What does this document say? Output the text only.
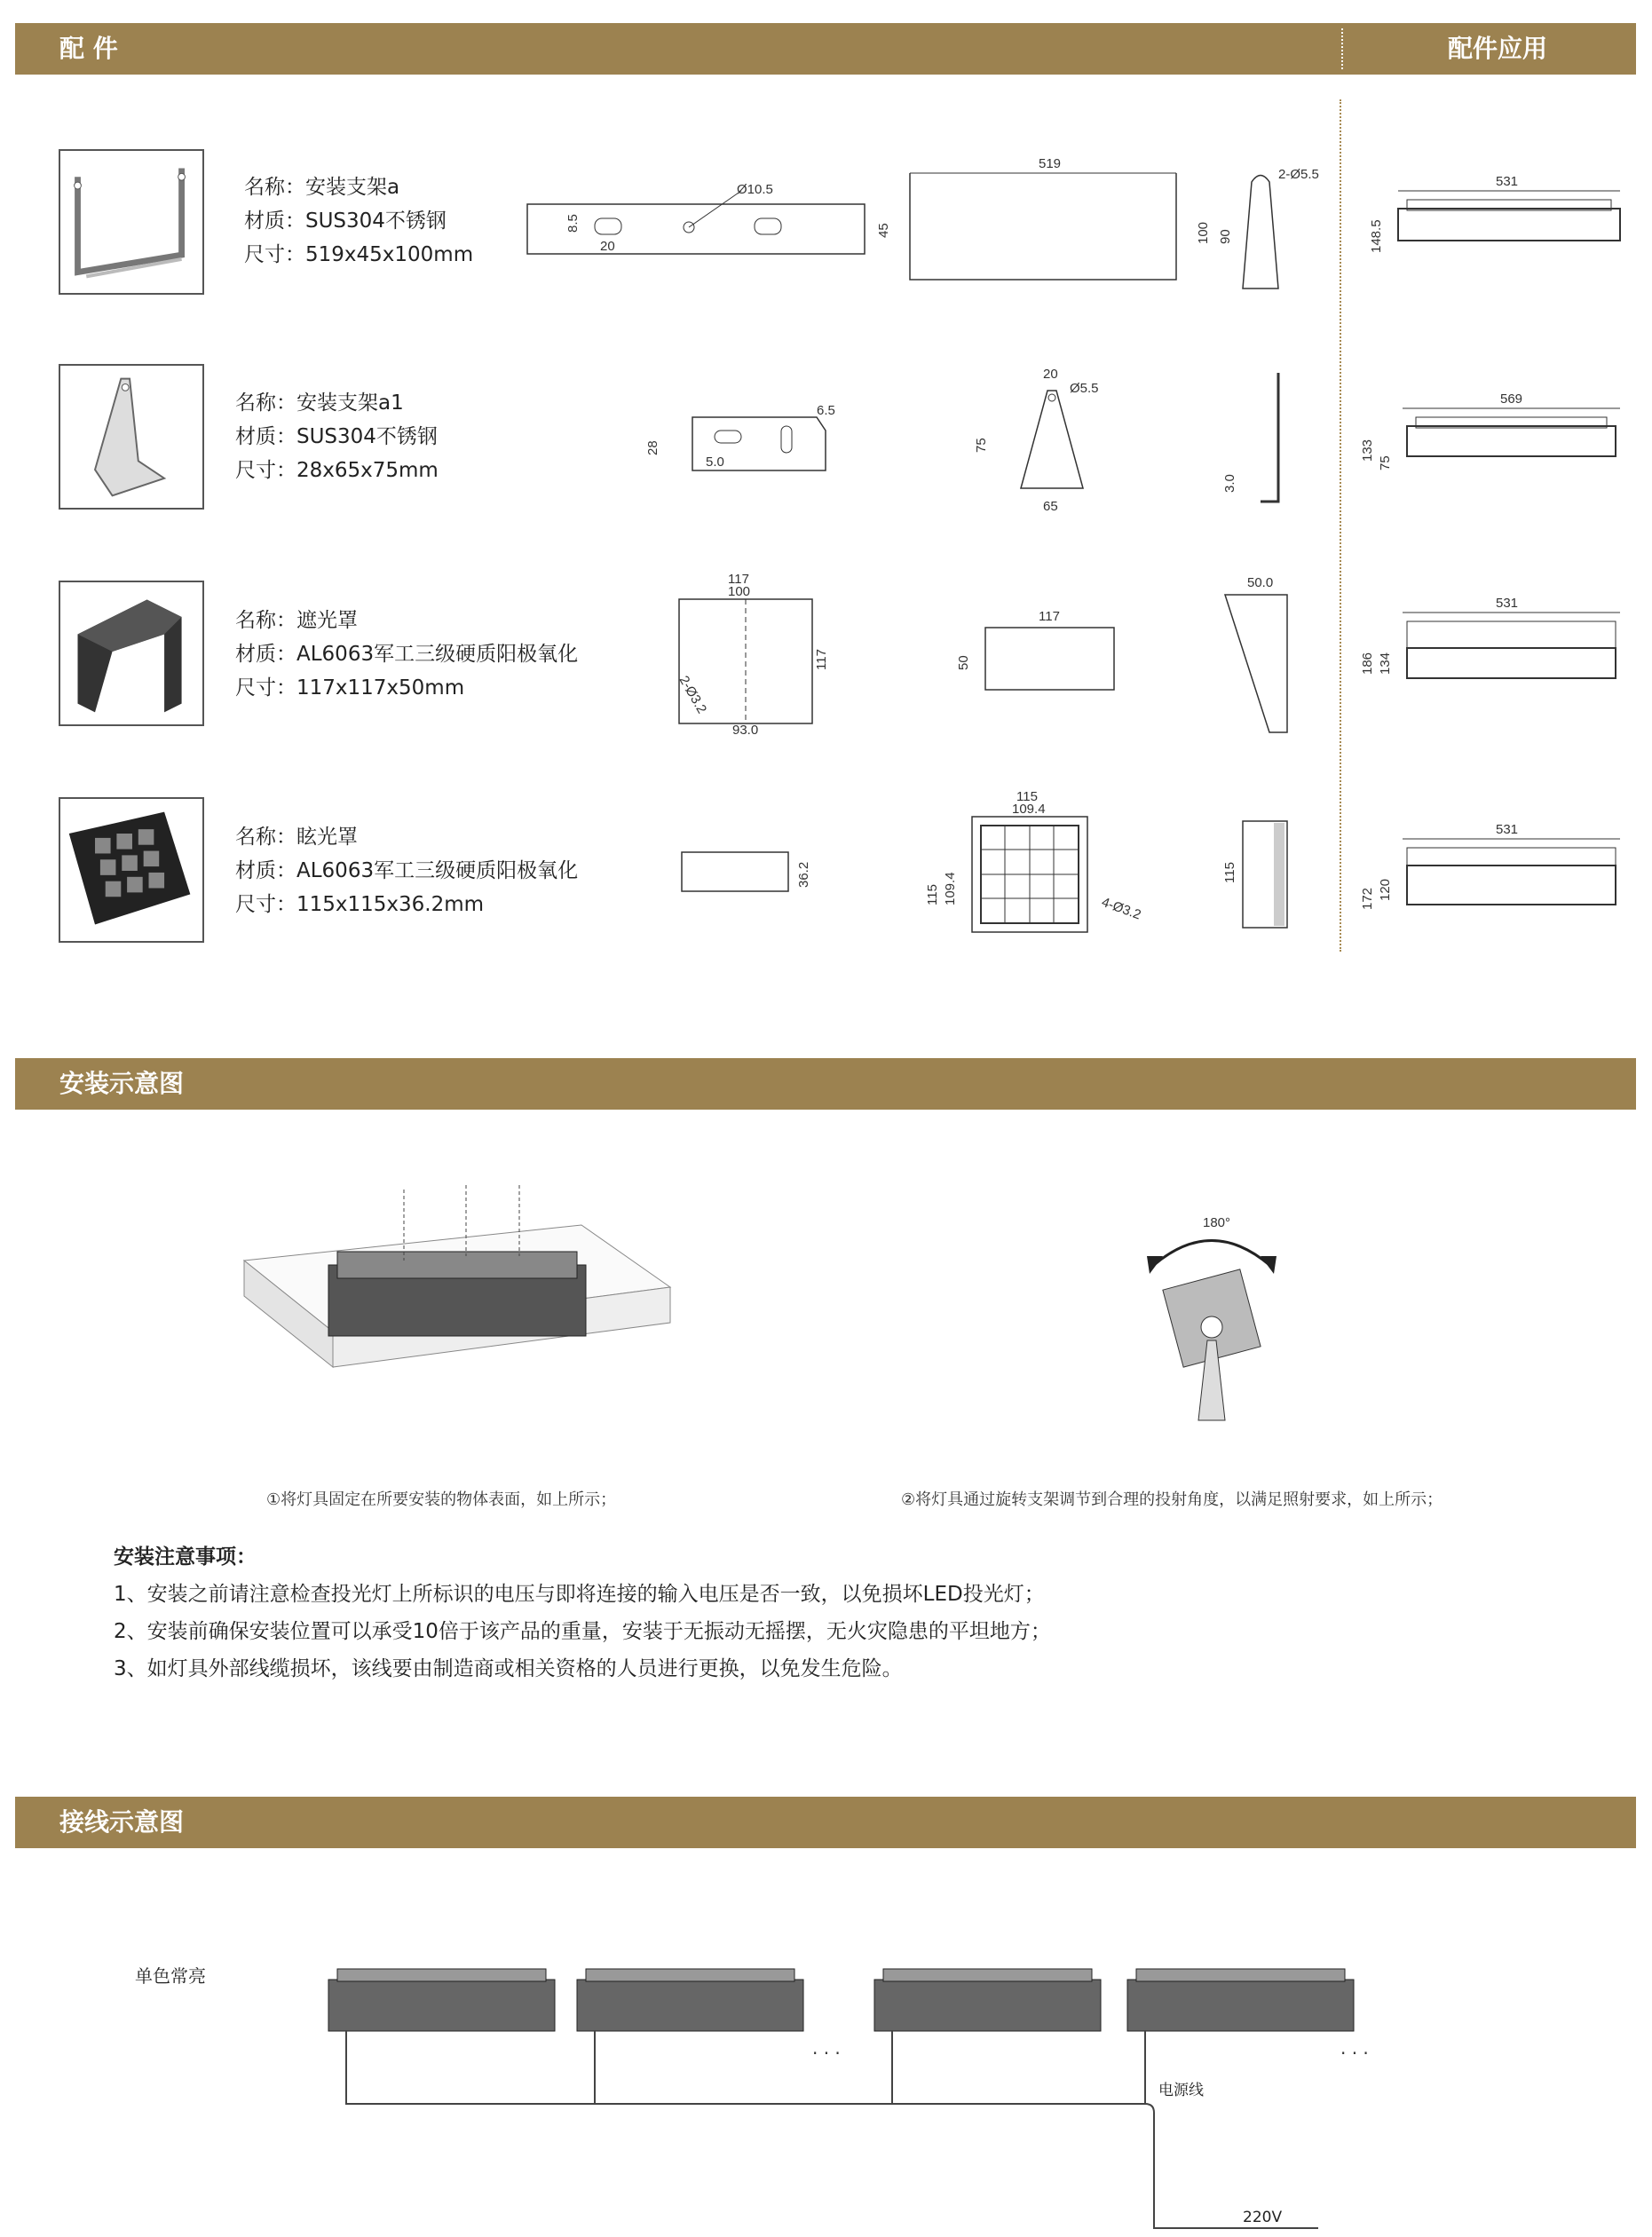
配 件	配件应用
名称：安装支架a
材质：SUS304不锈钢
尺寸：519x45x100mm
Ø10.5
8.5
20
45
519
2-Ø5.5
100 90
531
148.5
名称：安装支架a1
材质：SUS304不锈钢
尺寸：28x65x75mm
6.5
28
5.0
20
Ø5.5
75
65
3.0
569
133
75
名称：遮光罩
材质：AL6063军工三级硬质阳极氧化
尺寸：117x117x50mm
117
100
2-Ø3.2
93.0
117
117
50
50.0
531
186 134
名称：眩光罩
材质：AL6063军工三级硬质阳极氧化
尺寸：115x115x36.2mm
36.2
115
109.4
4-Ø3.2
115 109.4	115
531
172 120
安装示意图
180°
①将灯具固定在所要安装的物体表面，如上所示；	②将灯具通过旋转支架调节到合理的投射角度，以满足照射要求，如上所示；
安装注意事项：
1、安装之前请注意检查投光灯上所标识的电压与即将连接的输入电压是否一致，以免损坏LED投光灯；
2、安装前确保安装位置可以承受10倍于该产品的重量，安装于无振动无摇摆，无火灾隐患的平坦地方；
3、如灯具外部线缆损坏，该线要由制造商或相关资格的人员进行更换，以免发生危险。
接线示意图
单色常亮
· · ·	· · ·
电源线
220V
